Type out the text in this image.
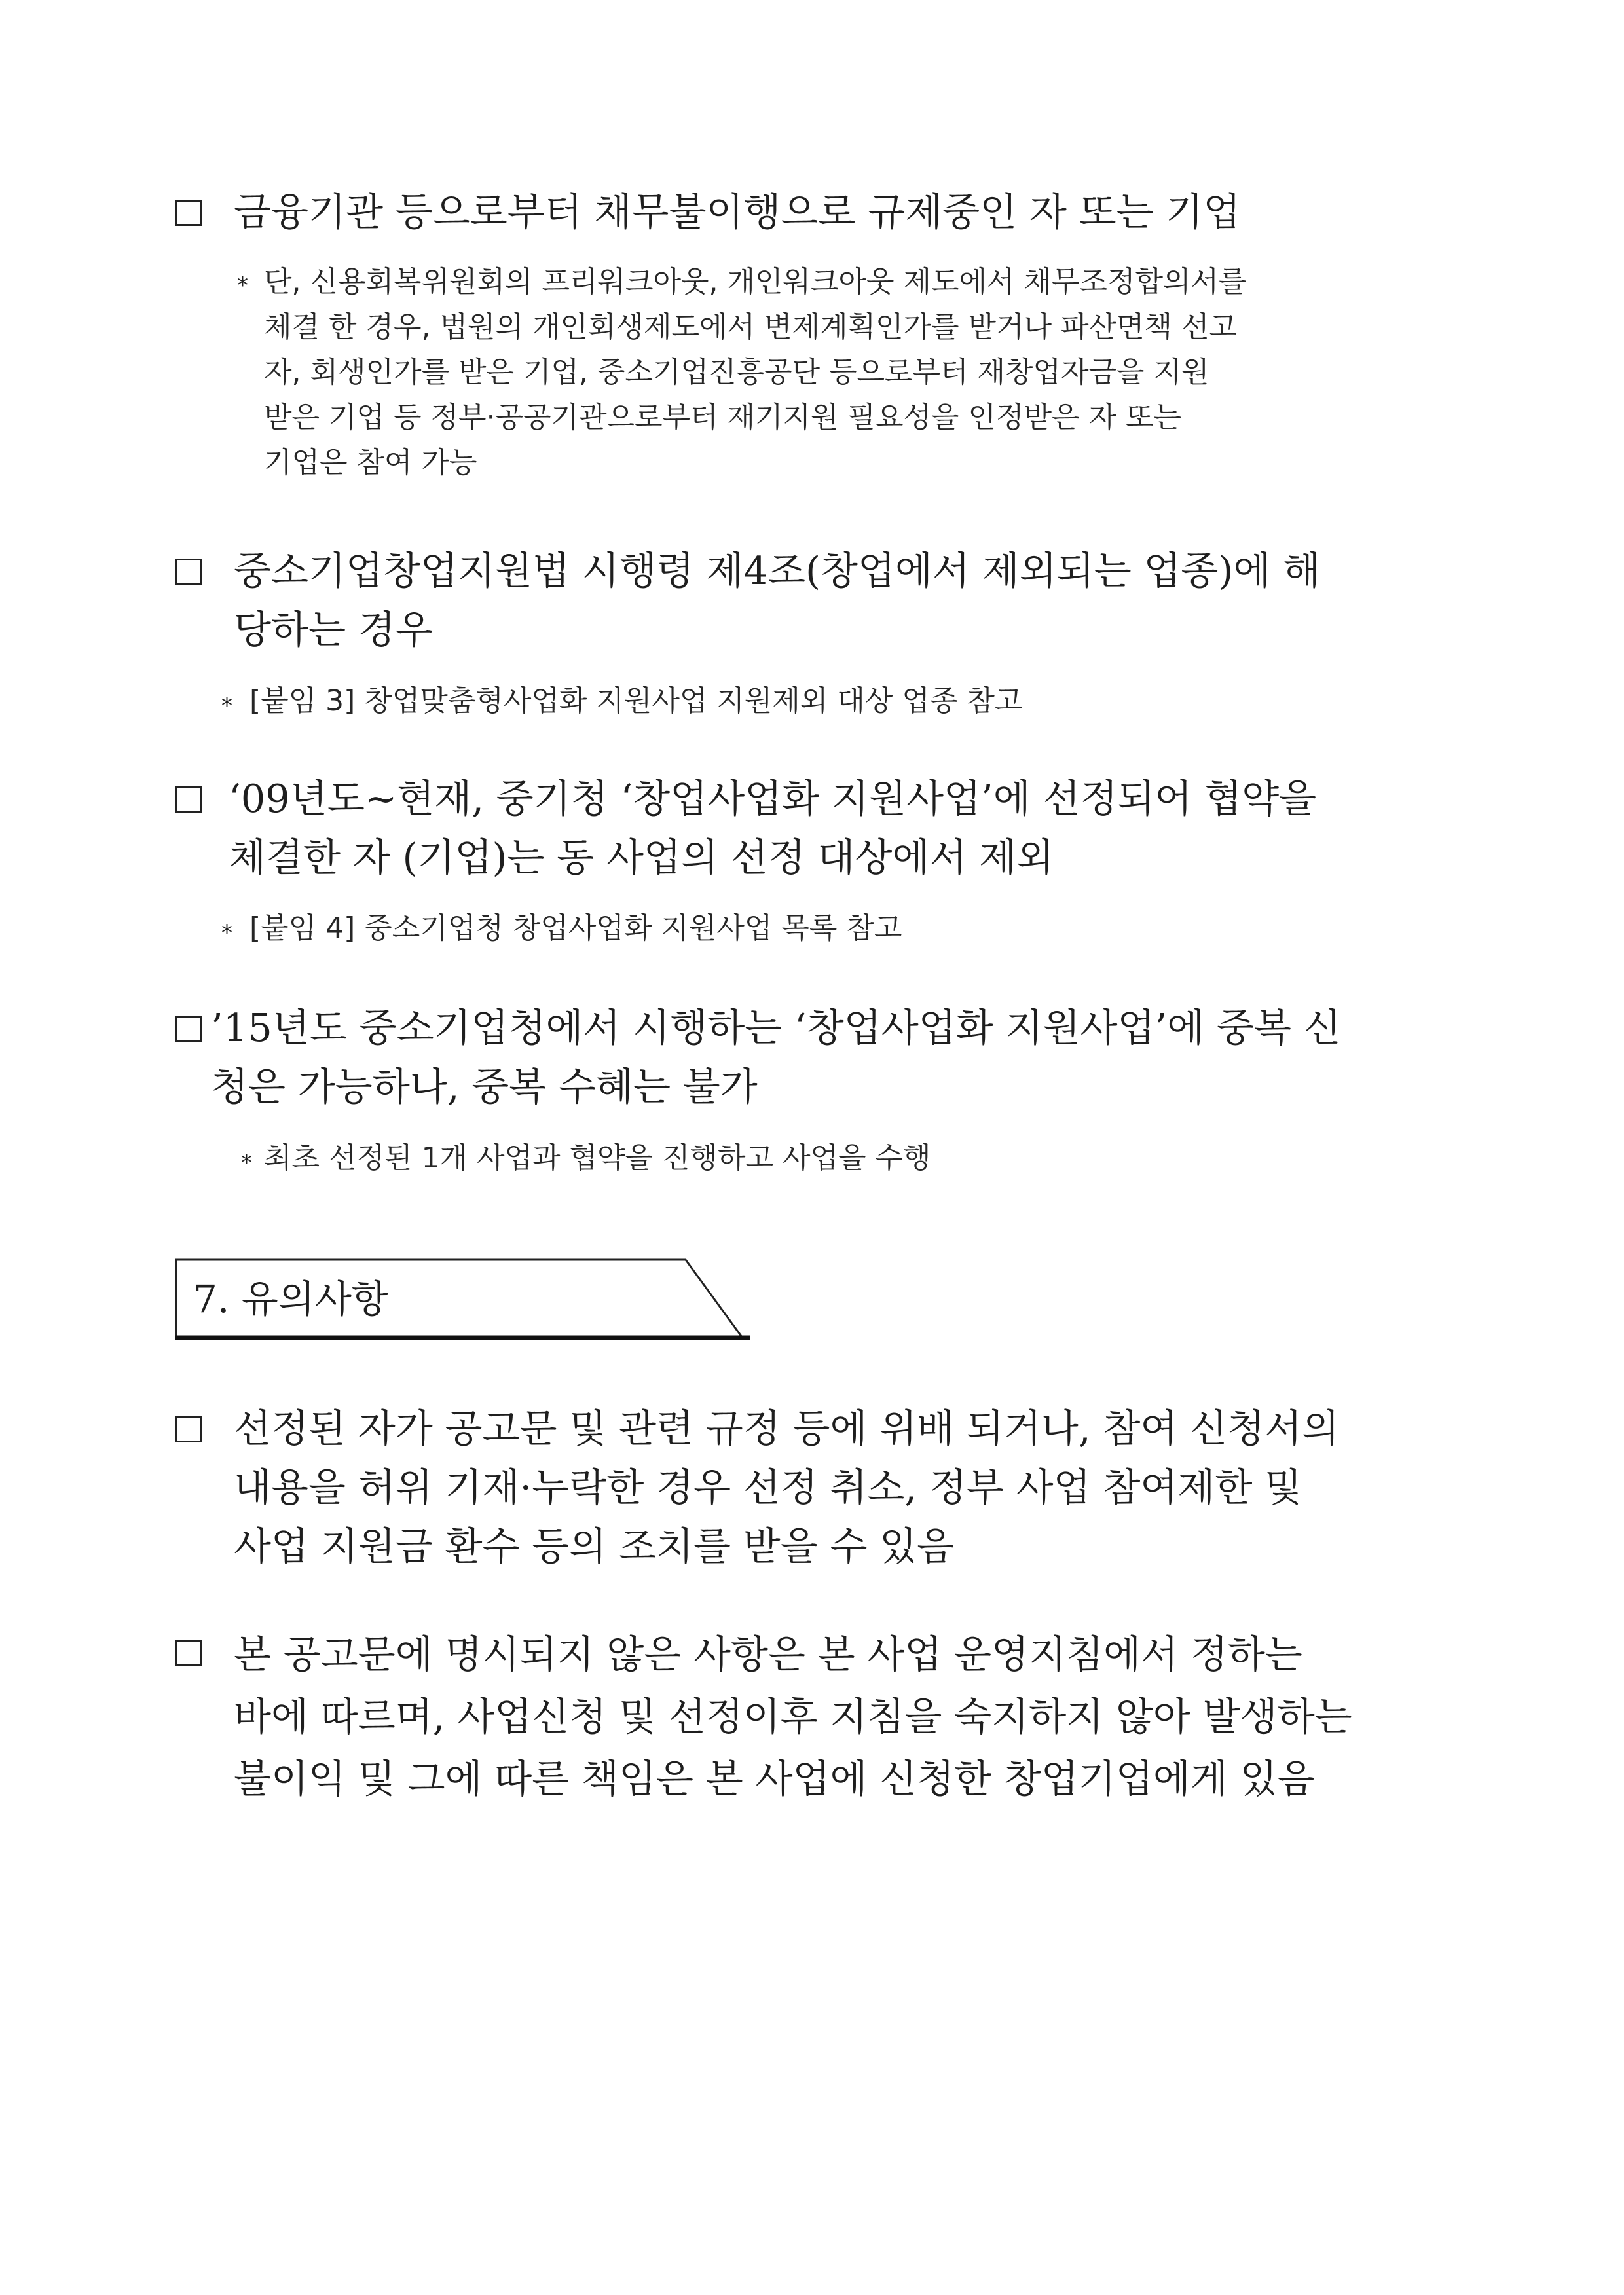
금융기관 등으로부터 채무불이행으로 규제중인 자 또는 기업
* 단, 신용회복위원회의 프리워크아웃, 개인워크아웃 제도에서 채무조정합의서를
체결 한 경우, 법원의 개인회생제도에서 변제계획인가를 받거나 파산면책 선고
자, 회생인가를 받은 기업, 중소기업진흥공단 등으로부터 재창업자금을 지원
받은 기업 등 정부·공공기관으로부터 재기지원 필요성을 인정받은 자 또는
기업은 참여 가능
중소기업창업지원법 시행령 제4조(창업에서 제외되는 업종)에 해
당하는 경우
* [붙임 3] 창업맞춤형사업화 지원사업 지원제외 대상 업종 참고
‘09년도~현재, 중기청 ‘창업사업화 지원사업’에 선정되어 협약을
체결한 자 (기업)는 동 사업의 선정 대상에서 제외
* [붙임 4] 중소기업청 창업사업화 지원사업 목록 참고
’15년도 중소기업청에서 시행하는 ‘창업사업화 지원사업’에 중복 신
청은 가능하나, 중복 수혜는 불가
* 최초 선정된 1개 사업과 협약을 진행하고 사업을 수행
7. 유의사항
선정된 자가 공고문 및 관련 규정 등에 위배 되거나, 참여 신청서의
내용을 허위 기재·누락한 경우 선정 취소, 정부 사업 참여제한 및
사업 지원금 환수 등의 조치를 받을 수 있음
본 공고문에 명시되지 않은 사항은 본 사업 운영지침에서 정하는
바에 따르며, 사업신청 및 선정이후 지침을 숙지하지 않아 발생하는
불이익 및 그에 따른 책임은 본 사업에 신청한 창업기업에게 있음
